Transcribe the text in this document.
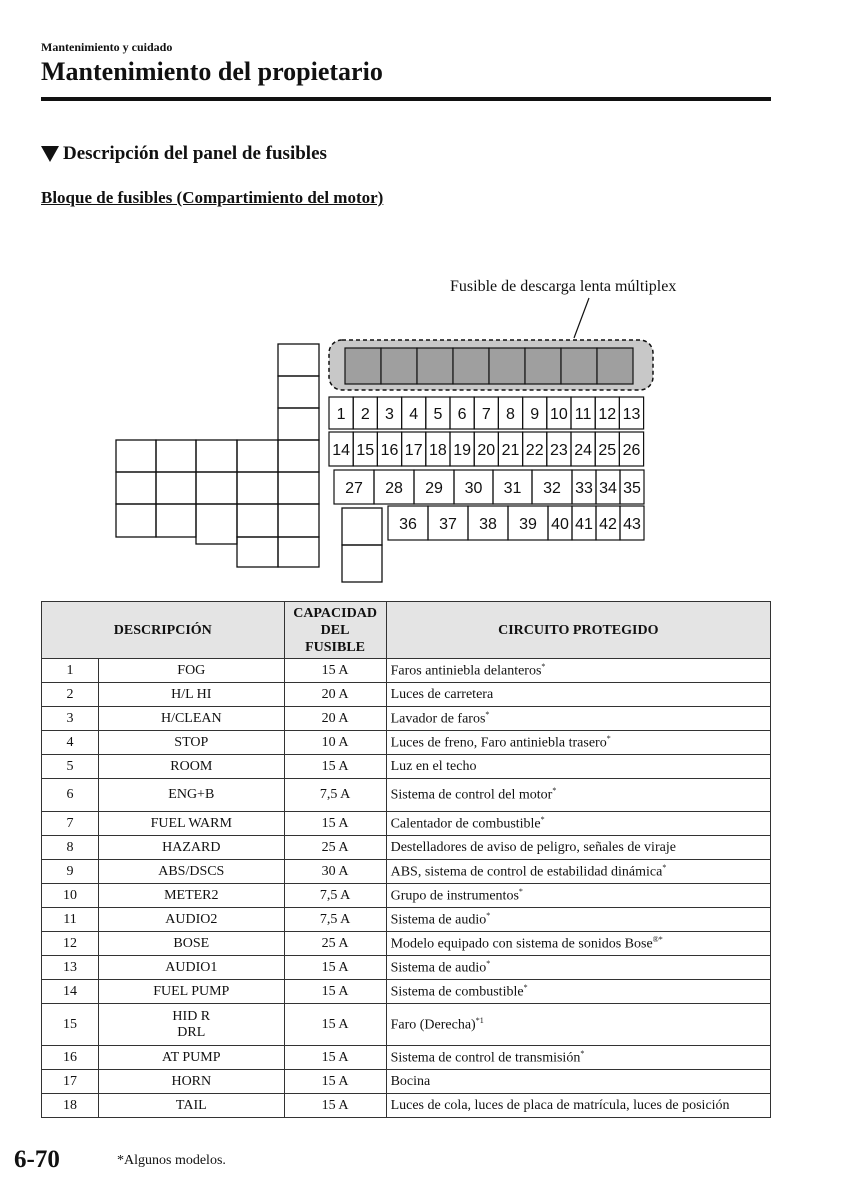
Mantenimiento y cuidado
Mantenimiento del propietario
Descripción del panel de fusibles
Bloque de fusibles (Compartimiento del motor)
Fusible de descarga lenta múltiplex
1 2 3 4 5 6 7 8 9 10 11 12 13
14 15 16 17 18 19 20 21 22 23 24 25 26
27 28 29 30 31 32 33 34 35
36 37 38 39 40 41 42 43
DESCRIPCIÓN		CAPACIDAD
DEL
FUSIBLE	CIRCUITO PROTEGIDO
1	FOG	15 A	Faros antiniebla delanteros*
2	H/L HI	20 A	Luces de carretera
3	H/CLEAN	20 A	Lavador de faros*
4	STOP	10 A	Luces de freno, Faro antiniebla trasero*
5	ROOM	15 A	Luz en el techo
6	ENG+B	7,5 A	Sistema de control del motor*
7	FUEL WARM	15 A	Calentador de combustible*
8	HAZARD	25 A	Destelladores de aviso de peligro, señales de viraje
9	ABS/DSCS	30 A	ABS, sistema de control de estabilidad dinámica*
10	METER2	7,5 A	Grupo de instrumentos*
11	AUDIO2	7,5 A	Sistema de audio*
12	BOSE	25 A	Modelo equipado con sistema de sonidos Bose®*
13	AUDIO1	15 A	Sistema de audio*
14	FUEL PUMP	15 A	Sistema de combustible*
15	HID R
DRL	15 A	Faro (Derecha)$^{*1}$
16	AT PUMP	15 A	Sistema de control de transmisión*
17	HORN	15 A	Bocina
18	TAIL	15 A	Luces de cola, luces de placa de matrícula, luces de posición
6-70	*Algunos modelos.
